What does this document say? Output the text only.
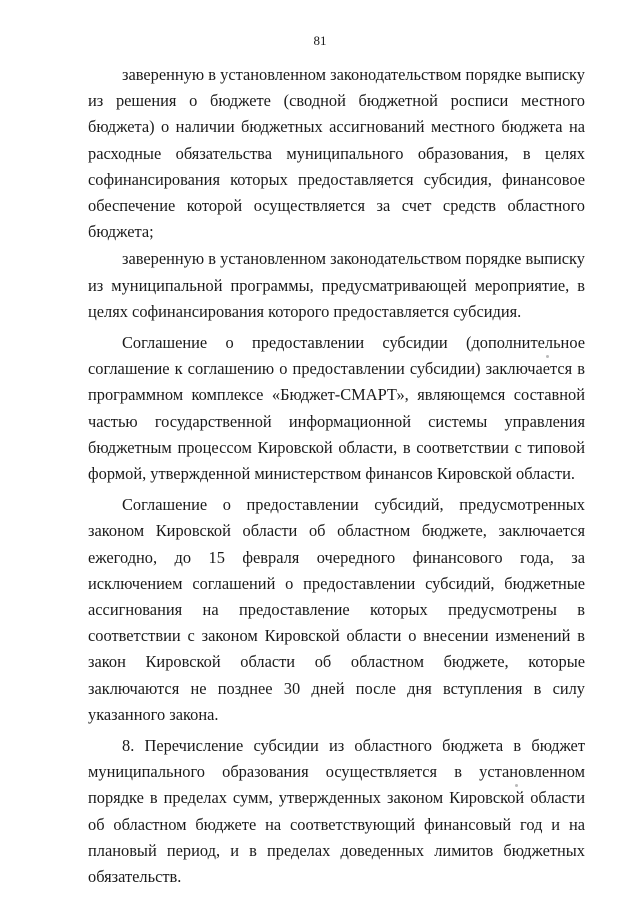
81

заверенную в установленном законодательством порядке выписку из решения о бюджете (сводной бюджетной росписи местного бюджета) о наличии бюджетных ассигнований местного бюджета на расходные обязательства муниципального образования, в целях софинансирования которых предоставляется субсидия, финансовое обеспечение которой осуществляется за счет средств областного бюджета;

заверенную в установленном законодательством порядке выписку из муниципальной программы, предусматривающей мероприятие, в целях софинансирования которого предоставляется субсидия.

Соглашение о предоставлении субсидии (дополнительное соглашение к соглашению о предоставлении субсидии) заключается в программном комплексе «Бюджет-СМАРТ», являющемся составной частью государственной информационной системы управления бюджетным процессом Кировской области, в соответствии с типовой формой, утвержденной министерством финансов Кировской области.

Соглашение о предоставлении субсидий, предусмотренных законом Кировской области об областном бюджете, заключается ежегодно, до 15 февраля очередного финансового года, за исключением соглашений о предоставлении субсидий, бюджетные ассигнования на предоставление которых предусмотрены в соответствии с законом Кировской области о внесении изменений в закон Кировской области об областном бюджете, которые заключаются не позднее 30 дней после дня вступления в силу указанного закона.

8. Перечисление субсидии из областного бюджета в бюджет муниципального образования осуществляется в установленном порядке в пределах сумм, утвержденных законом Кировской области об областном бюджете на соответствующий финансовый год и на плановый период, и в пределах доведенных лимитов бюджетных обязательств.
